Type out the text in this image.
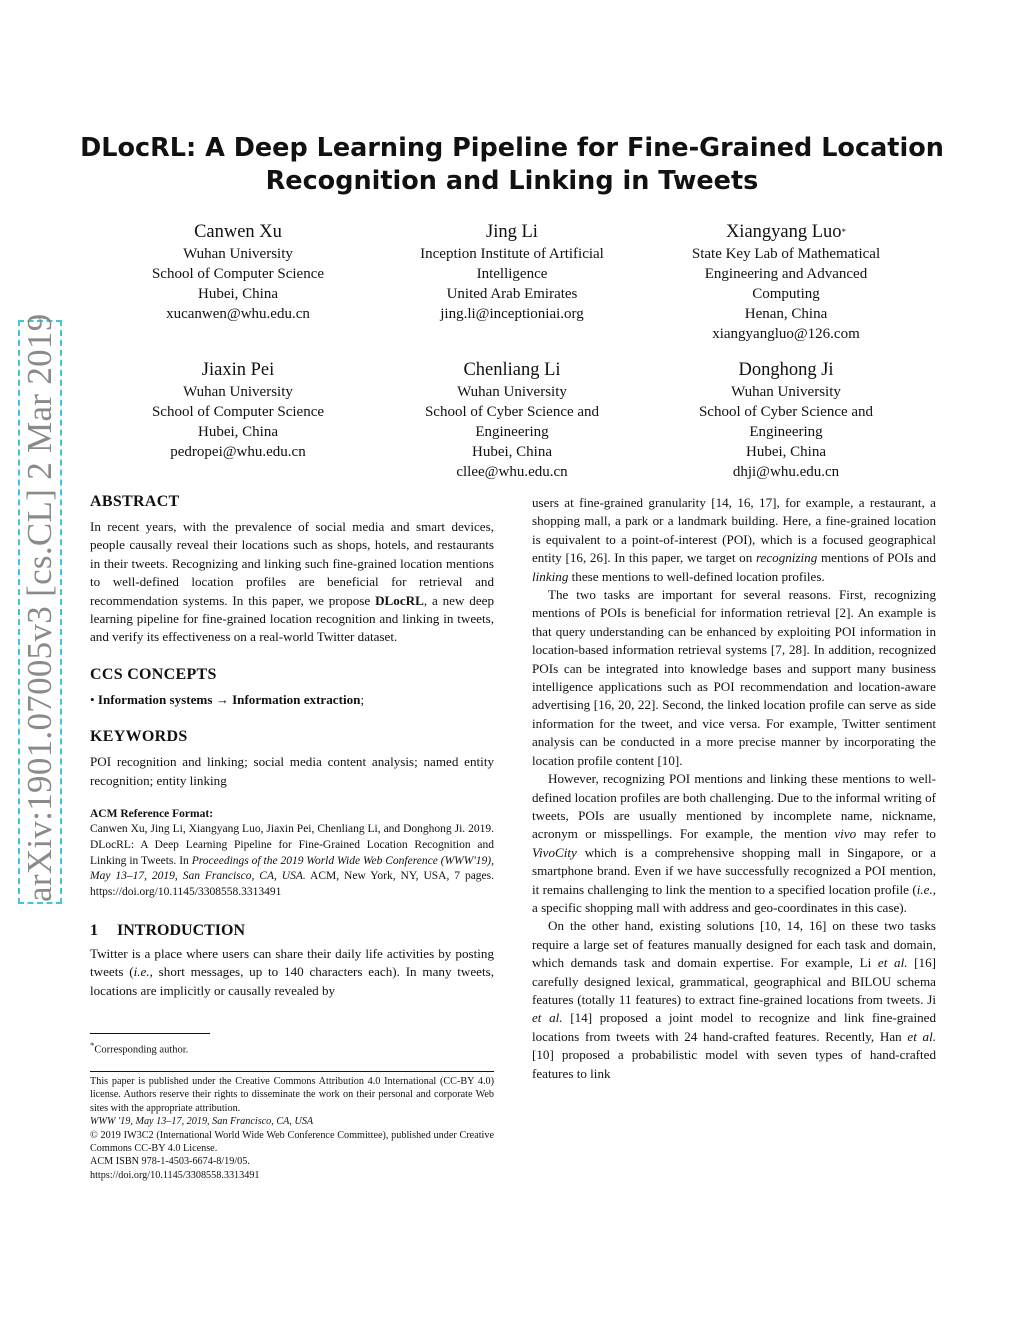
DLocRL: A Deep Learning Pipeline for Fine-Grained Location
Recognition and Linking in Tweets
Canwen Xu
Wuhan University
School of Computer Science
Hubei, China
xucanwen@whu.edu.cn
Jing Li
Inception Institute of Artificial
Intelligence
United Arab Emirates
jing.li@inceptioniai.org
Xiangyang Luo*
State Key Lab of Mathematical
Engineering and Advanced
Computing
Henan, China
xiangyangluo@126.com
Jiaxin Pei
Wuhan University
School of Computer Science
Hubei, China
pedropei@whu.edu.cn
Chenliang Li
Wuhan University
School of Cyber Science and
Engineering
Hubei, China
cllee@whu.edu.cn
Donghong Ji
Wuhan University
School of Cyber Science and
Engineering
Hubei, China
dhji@whu.edu.cn
arXiv:1901.07005v3 [cs.CL] 2 Mar 2019 ABSTRACT

In recent years, with the prevalence of social media and smart devices, people causally reveal their locations such as shops, hotels, and restaurants in their tweets. Recognizing and linking such fine-grained location mentions to well-defined location profiles are beneficial for retrieval and recommendation systems. In this paper, we propose DLocRL, a new deep learning pipeline for fine-grained location recognition and linking in tweets, and verify its effectiveness on a real-world Twitter dataset.

CCS CONCEPTS

• Information systems → Information extraction;

KEYWORDS

POI recognition and linking; social media content analysis; named entity recognition; entity linking

ACM Reference Format:

Canwen Xu, Jing Li, Xiangyang Luo, Jiaxin Pei, Chenliang Li, and Donghong Ji. 2019. DLocRL: A Deep Learning Pipeline for Fine-Grained Location Recognition and Linking in Tweets. In Proceedings of the 2019 World Wide Web Conference (WWW'19), May 13–17, 2019, San Francisco, CA, USA. ACM, New York, NY, USA, 7 pages. https://doi.org/10.1145/3308558.3313491

1 INTRODUCTION

Twitter is a place where users can share their daily life activities by posting tweets (i.e., short messages, up to 140 characters each). In many tweets, locations are implicitly or causally revealed by

*Corresponding author.

This paper is published under the Creative Commons Attribution 4.0 International (CC-BY 4.0) license. Authors reserve their rights to disseminate the work on their personal and corporate Web sites with the appropriate attribution.

WWW '19, May 13–17, 2019, San Francisco, CA, USA

© 2019 IW3C2 (International World Wide Web Conference Committee), published under Creative Commons CC-BY 4.0 License.

ACM ISBN 978-1-4503-6674-8/19/05.

https://doi.org/10.1145/3308558.3313491

users at fine-grained granularity [14, 16, 17], for example, a restaurant, a shopping mall, a park or a landmark building. Here, a fine-grained location is equivalent to a point-of-interest (POI), which is a focused geographical entity [16, 26]. In this paper, we target on recognizing mentions of POIs and linking these mentions to well-defined location profiles.

The two tasks are important for several reasons. First, recognizing mentions of POIs is beneficial for information retrieval [2]. An example is that query understanding can be enhanced by exploiting POI information in location-based information retrieval systems [7, 28]. In addition, recognized POIs can be integrated into knowledge bases and support many business intelligence applications such as POI recommendation and location-aware advertising [16, 20, 22]. Second, the linked location profile can serve as side information for the tweet, and vice versa. For example, Twitter sentiment analysis can be conducted in a more precise manner by incorporating the location profile content [10].

However, recognizing POI mentions and linking these mentions to well-defined location profiles are both challenging. Due to the informal writing of tweets, POIs are usually mentioned by incomplete name, nickname, acronym or misspellings. For example, the mention vivo may refer to VivoCity which is a comprehensive shopping mall in Singapore, or a smartphone brand. Even if we have successfully recognized a POI mention, it remains challenging to link the mention to a specified location profile (i.e., a specific shopping mall with address and geo-coordinates in this case).

On the other hand, existing solutions [10, 14, 16] on these two tasks require a large set of features manually designed for each task and domain, which demands task and domain expertise. For example, Li et al. [16] carefully designed lexical, grammatical, geographical and BILOU schema features (totally 11 features) to extract fine-grained locations from tweets. Ji et al. [14] proposed a joint model to recognize and link fine-grained locations from tweets with 24 hand-crafted features. Recently, Han et al. [10] proposed a probabilistic model with seven types of hand-crafted features to link
